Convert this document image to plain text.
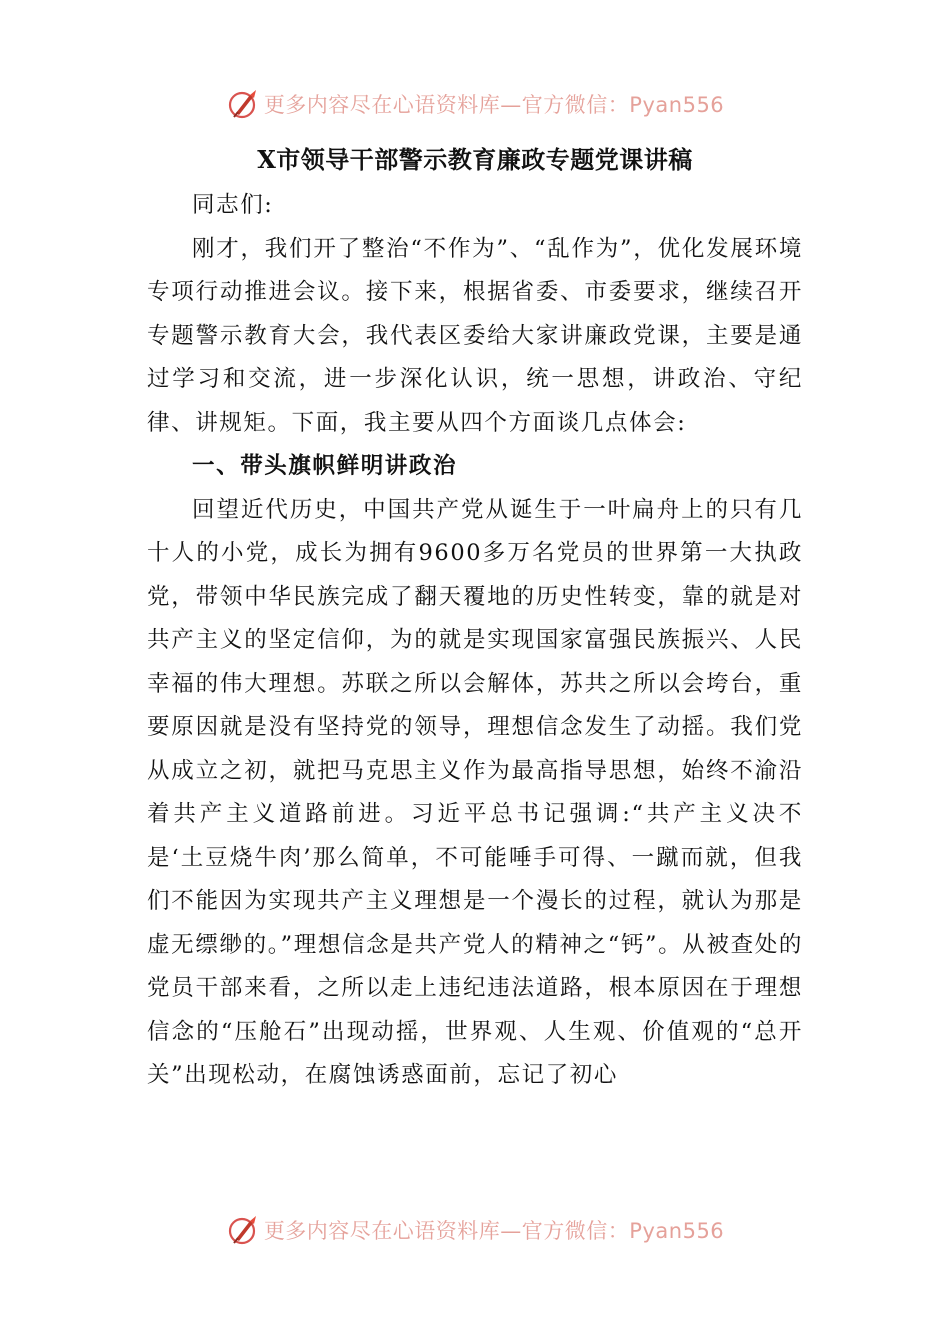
更多内容尽在心语资料库—官方微信：Pyan556
X市领导干部警示教育廉政专题党课讲稿

同志们:

刚才，我们开了整治“不作为”、“乱作为”，优化发展环境专项行动推进会议。接下来，根据省委、市委要求，继续召开专题警示教育大会，我代表区委给大家讲廉政党课，主要是通过学习和交流，进一步深化认识，统一思想，讲政治、守纪律、讲规矩。下面，我主要从四个方面谈几点体会:

一、带头旗帜鲜明讲政治

回望近代历史，中国共产党从诞生于一叶扁舟上的只有几十人的小党，成长为拥有9600多万名党员的世界第一大执政党，带领中华民族完成了翻天覆地的历史性转变，靠的就是对共产主义的坚定信仰，为的就是实现国家富强民族振兴、人民幸福的伟大理想。苏联之所以会解体，苏共之所以会垮台，重要原因就是没有坚持党的领导，理想信念发生了动摇。我们党从成立之初，就把马克思主义作为最高指导思想，始终不渝沿着共产主义道路前进。习近平总书记强调:“共产主义决不是‘土豆烧牛肉’那么简单，不可能唾手可得、一蹴而就，但我们不能因为实现共产主义理想是一个漫长的过程，就认为那是虚无缥缈的。”理想信念是共产党人的精神之“钙”。从被查处的党员干部来看，之所以走上违纪违法道路，根本原因在于理想信念的“压舱石”出现动摇，世界观、人生观、价值观的“总开关”出现松动，在腐蚀诱惑面前，忘记了初心

更多内容尽在心语资料库—官方微信：Pyan556
